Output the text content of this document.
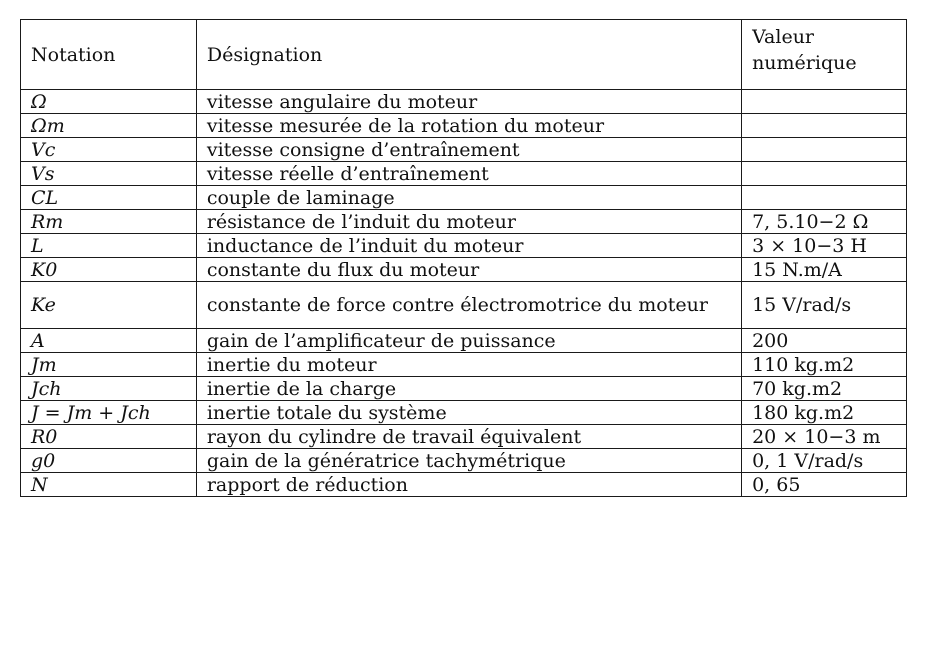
Notation	Désignation	Valeur numérique
Ω	vitesse angulaire du moteur	
Ωm	vitesse mesurée de la rotation du moteur	
Vc	vitesse consigne d’entraînement	
Vs	vitesse réelle d’entraînement	
CL	couple de laminage	
Rm	résistance de l’induit du moteur	7, 5.10−2 Ω
L	inductance de l’induit du moteur	3 × 10−3 H
K0	constante du flux du moteur	15 N.m/A
Ke	constante de force contre électromotrice du moteur	15 V/rad/s
A	gain de l’amplificateur de puissance	200
Jm	inertie du moteur	110 kg.m2
Jch	inertie de la charge	70 kg.m2
J = Jm + Jch	inertie totale du système	180 kg.m2
R0	rayon du cylindre de travail équivalent	20 × 10−3 m
g0	gain de la génératrice tachymétrique	0, 1 V/rad/s
N	rapport de réduction	0, 65
